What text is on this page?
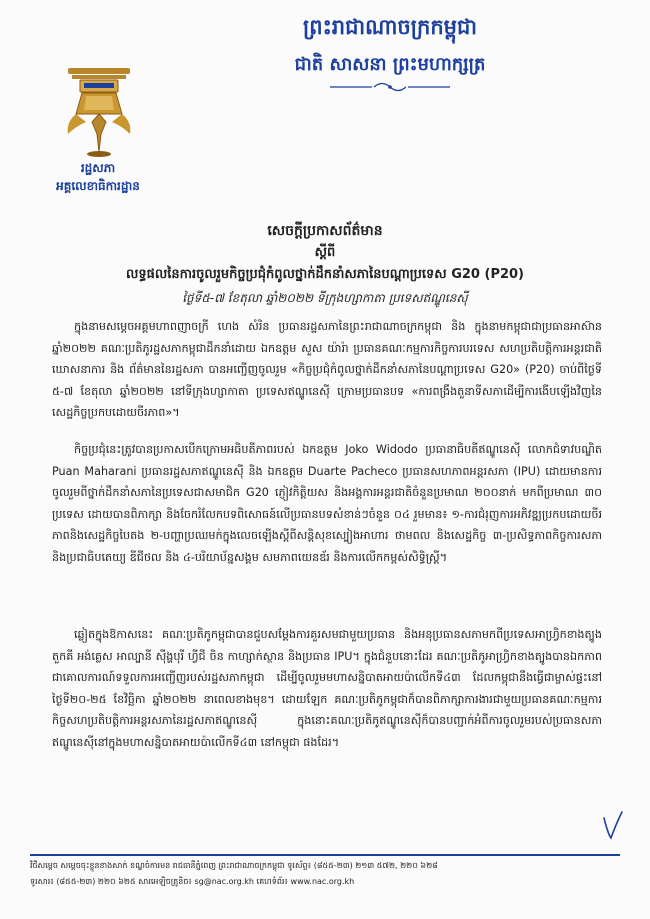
ព្រះរាជាណាចក្រកម្ពុជា
ជាតិ សាសនា ព្រះមហាក្សត្រ
រដ្ឋសភា
អគ្គលេខាធិការដ្ឋាន
សេចក្តីប្រកាសព័ត៌មាន
ស្តីពី
លទ្ធផលនៃការចូលរួមកិច្ចប្រជុំកំពូលថ្នាក់ដឹកនាំសភានៃបណ្តាប្រទេស G20 (P20)
ថ្ងៃទី៥-៧ ខែតុលា ឆ្នាំ២០២២ ទីក្រុងហ្សាកាតា ប្រទេសឥណ្ឌូនេស៊ី
ក្នុងនាមសម្តេចអគ្គមហាពញាចក្រី ហេង សំរិន ប្រធានរដ្ឋសភានៃព្រះរាជាណាចក្រកម្ពុជា និង ក្នុងនាមកម្ពុជាជាប្រធានអាស៊ានឆ្នាំ២០២២ គណៈប្រតិភូរដ្ឋសភាកម្ពុជាដឹកនាំដោយ ឯកឧត្តម សួស យ៉ារ៉ា ប្រធានគណៈកម្មការកិច្ចការបរទេស សហប្រតិបត្តិការអន្តរជាតិ ឃោសនាការ និង ព័ត៌មាននៃរដ្ឋសភា បានអញ្ជើញចូលរួម «កិច្ចប្រជុំកំពូលថ្នាក់ដឹកនាំសភានៃបណ្តាប្រទេស G20» (P20) ចាប់ពីថ្ងៃទី ៥-៧ ខែតុលា ឆ្នាំ២០២២ នៅទីក្រុងហ្សាកាតា ប្រទេសឥណ្ឌូនេស៊ី ក្រោមប្រធានបទ «ការពង្រឹងតួនាទីសភាដើម្បីការងើបឡើងវិញនៃសេដ្ឋកិច្ចប្រកបដោយចីរភាព»។
កិច្ចប្រជុំនេះត្រូវបានប្រកាសបើកក្រោមអធិបតីភាពរបស់ ឯកឧត្តម Joko Widodo ប្រធានាធិបតីឥណ្ឌូនេស៊ី លោកជំទាវបណ្ឌិត Puan Maharani ប្រធានរដ្ឋសភាឥណ្ឌូនេស៊ី និង ឯកឧត្តម Duarte Pacheco ប្រធានសហភាពអន្តរសភា (IPU) ដោយមានការចូលរួមពីថ្នាក់ដឹកនាំសភានៃប្រទេសជាសមាជិក G20 ភ្ញៀវកិត្តិយស និងអង្គការអន្តរជាតិចំនួនប្រមាណ ២០០នាក់ មកពីប្រមាណ ៣០ ប្រទេស ដោយបានពិភាក្សា និងចែករំលែកបទពិសោធន៍លើប្រធានបទសំខាន់ៗចំនួន ០៤ រួមមាន៖ ១-ការជំរុញការអភិវឌ្ឍប្រកបដោយចីរភាពនិងសេដ្ឋកិច្ចបៃតង ២-បញ្ហាប្រឈមក់ក្នុងលេចឡើងស្តីពីសន្តិសុខស្បៀងអាហារ ថាមពល និងសេដ្ឋកិច្ច ៣-ប្រសិទ្ធភាពកិច្ចការសភានិងប្រជាធិបតេយ្យ ឌីជីថល និង ៤-បរិយាប័ន្នសង្គម សមភាពយេនឌ័រ និងការលើកកម្ពស់សិទ្ធិស្ត្រី។
ឆ្លៀតក្នុងឱកាសនេះ គណៈប្រតិភូកម្ពុជាបានជួបសម្តែងការគួរសមជាមួយប្រធាន និងអនុប្រធានសភាមកពីប្រទេសអាហ្វ្រិកខាងត្បូង តួកគី អង់គ្លេស អាល្បានី ស៊ីង្ហបុរី ហ្វីជី ចិន កាហ្សាក់ស្ថាន និងប្រធាន IPU។ ក្នុងជំនួបនោះដែរ គណៈប្រតិភូអាហ្វ្រិកខាងត្បូងបានឯកភាពជាគោលការណ៍ទទួលការអញ្ជើញរបស់រដ្ឋសភាកម្ពុជា ដើម្បីចូលរួមមហាសន្និបាតអាយប៉ាលើកទី៤៣ ដែលកម្ពុជានឹងធ្វើជាម្ចាស់ផ្ទះនៅថ្ងៃទី២០-២៥ ខែវិច្ឆិកា ឆ្នាំ២០២២ នាពេលខាងមុខ។ ដោយឡែក គណៈប្រតិភូកម្ពុជាក៏បានពិភាក្សាការងារជាមួយប្រធានគណៈកម្មការកិច្ចសហប្រតិបត្តិការអន្តរសភានៃរដ្ឋសភាឥណ្ឌូនេស៊ី ក្នុងនោះគណៈប្រតិភូឥណ្ឌូនេស៊ីក៏បានបញ្ជាក់អំពីការចូលរួមរបស់ប្រធានសភាឥណ្ឌូនេស៊ីនៅក្នុងមហាសន្និបាតអាយប៉ាលើកទី៤៣ នៅកម្ពុជា ផងដែរ។
វិថីសម្តេច សម្តេចចុះខ្លួនខាងសាក់ ខណ្ឌចំការមន រាជធានីភ្នំពេញ ព្រះរាជាណាចក្រកម្ពុជា ទូរស័ព្ទ៖ (៨៥៥-២៣) ២១៣ ៥៧២, ២២០ ៦២៨
ទូរសារ៖ (៨៥៥-២៣) ២២០ ៦២៥ សារអេឡិចត្រូនិច៖ sg@nac.org.kh គេហទំព័រ៖ www.nac.org.kh
